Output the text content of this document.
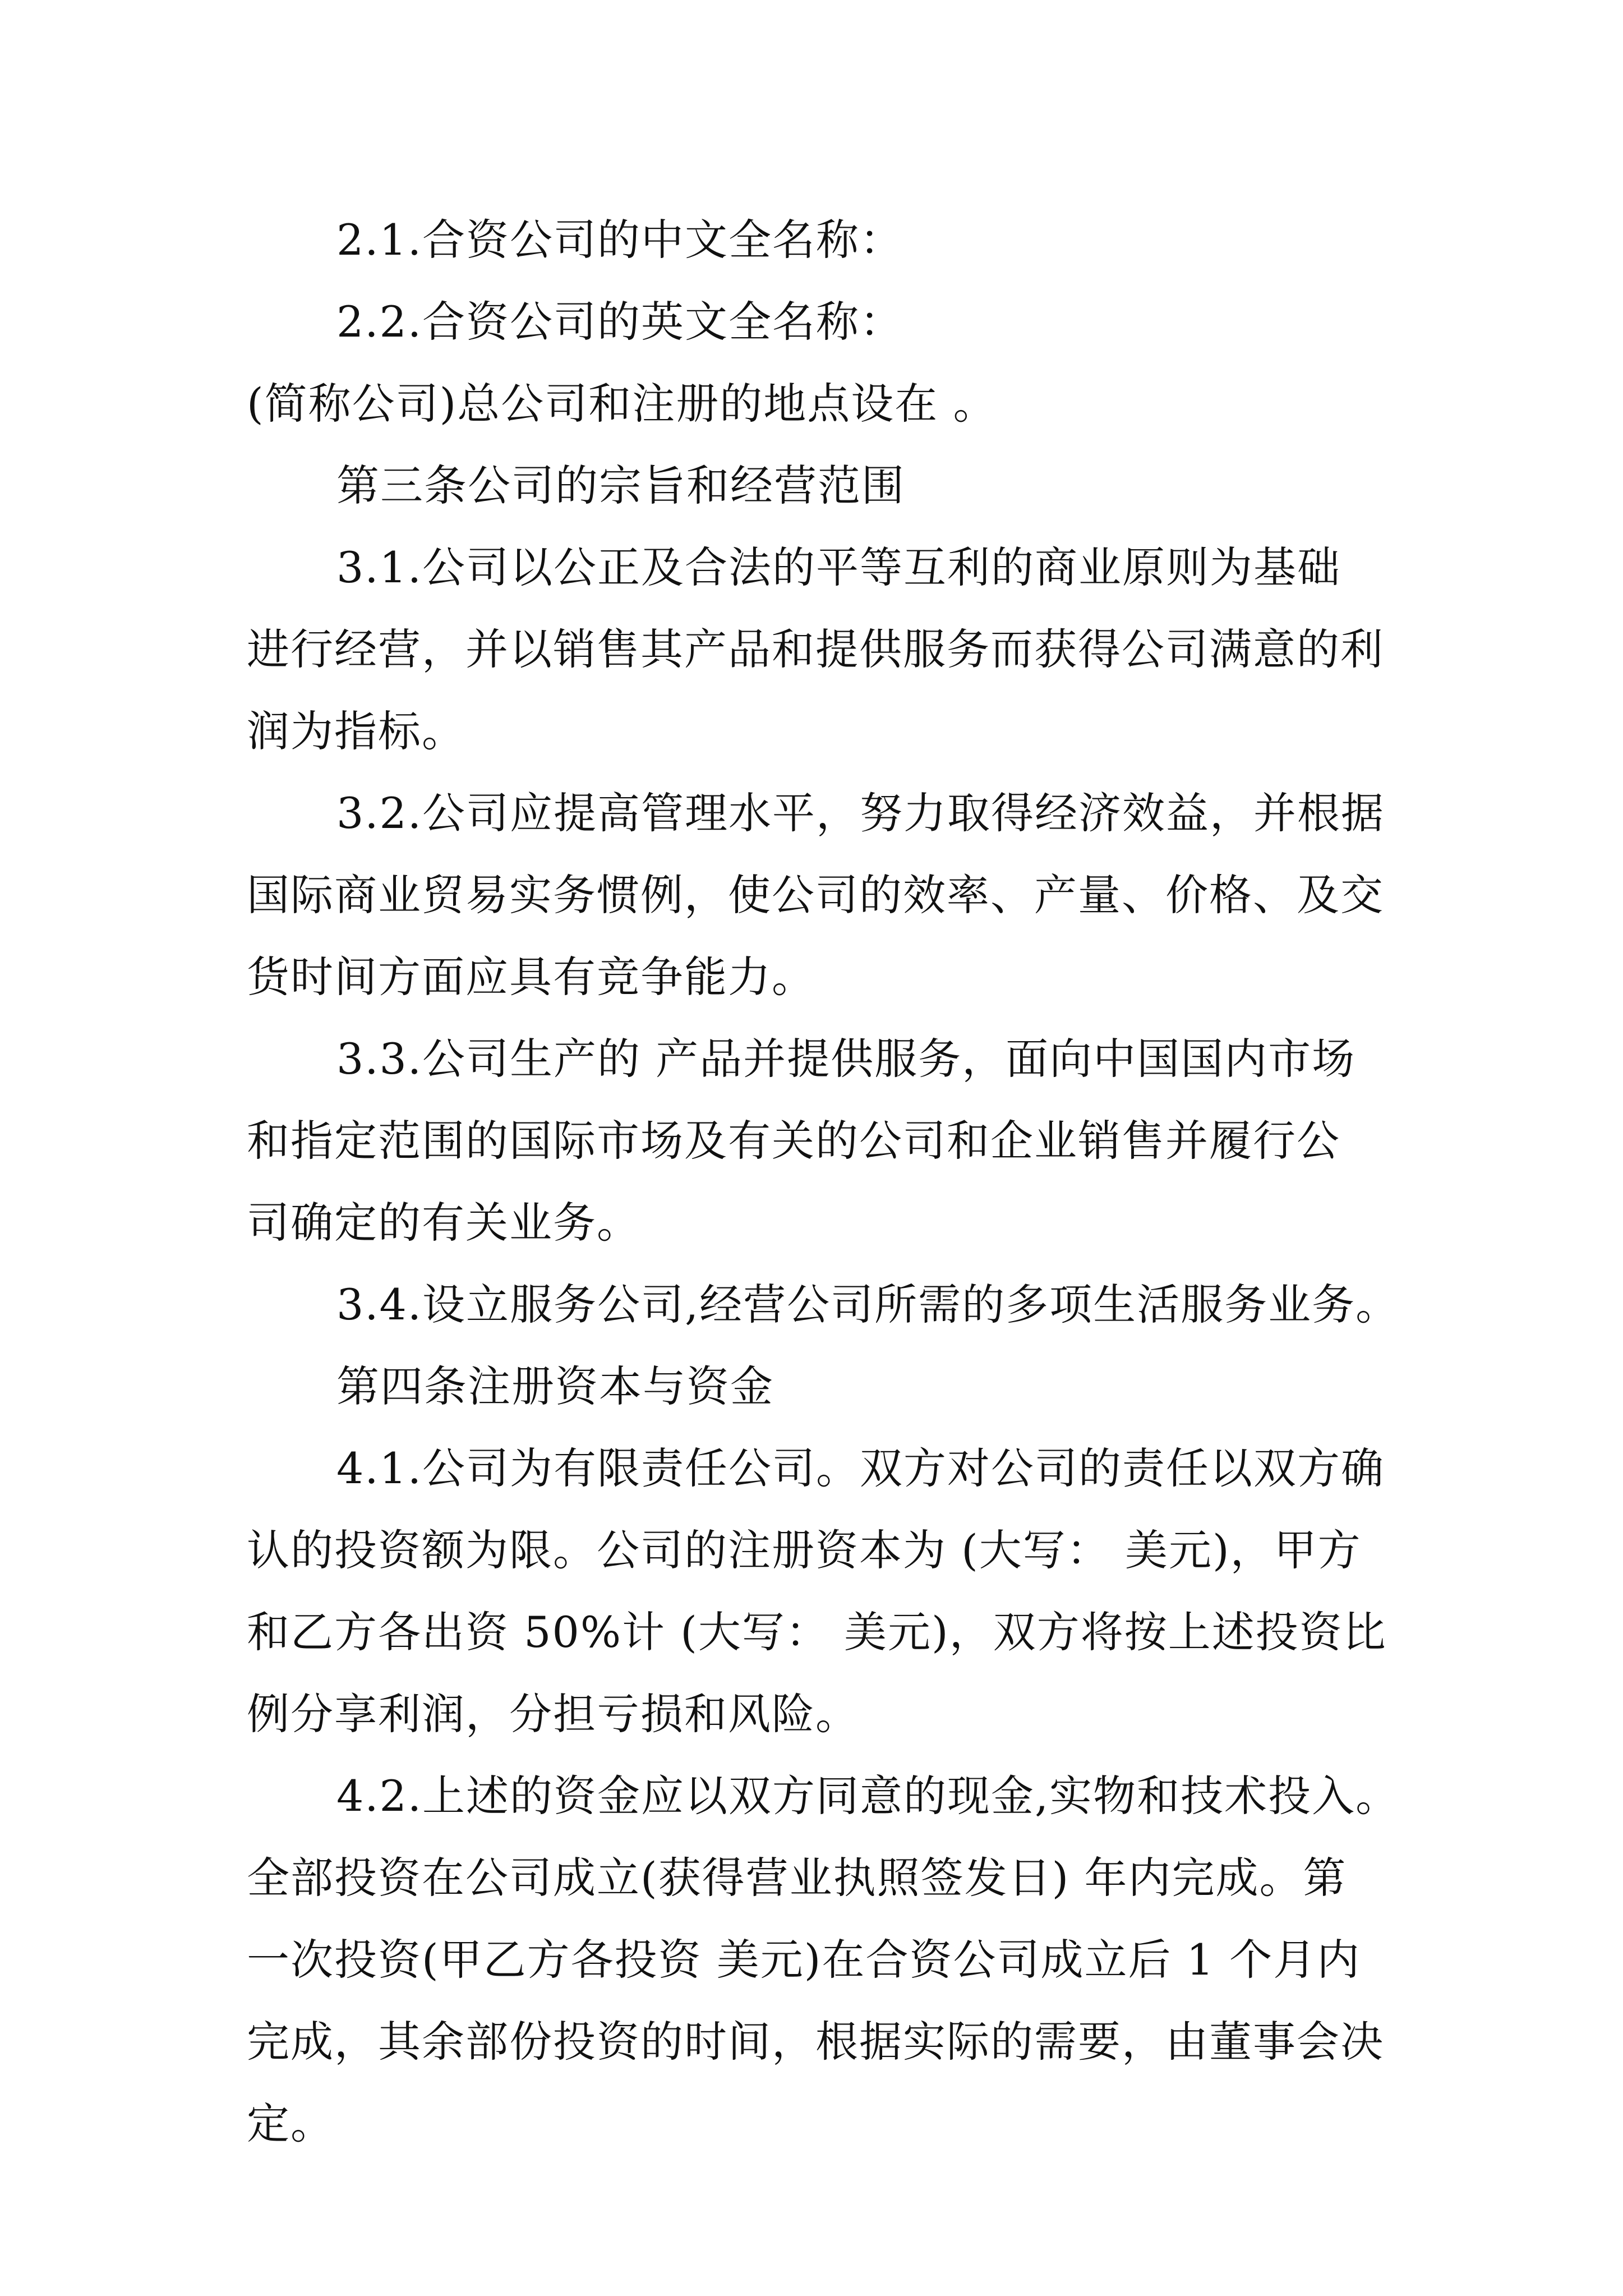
2.1.合资公司的中文全名称：
2.2.合资公司的英文全名称：
(简称公司)总公司和注册的地点设在 。
第三条公司的宗旨和经营范围
3.1.公司以公正及合法的平等互利的商业原则为基础
进行经营，并以销售其产品和提供服务而获得公司满意的利
润为指标。
3.2.公司应提高管理水平，努力取得经济效益，并根据
国际商业贸易实务惯例，使公司的效率、产量、价格、及交
货时间方面应具有竞争能力。
3.3.公司生产的 产品并提供服务，面向中国国内市场
和指定范围的国际市场及有关的公司和企业销售并履行公
司确定的有关业务。
3.4.设立服务公司,经营公司所需的多项生活服务业务。
第四条注册资本与资金
4.1.公司为有限责任公司。双方对公司的责任以双方确
认的投资额为限。公司的注册资本为 (大写： 美元)，甲方
和乙方各出资 50%计 (大写： 美元)，双方将按上述投资比
例分享利润，分担亏损和风险。
4.2.上述的资金应以双方同意的现金,实物和技术投入。
全部投资在公司成立(获得营业执照签发日) 年内完成。第
一次投资(甲乙方各投资 美元)在合资公司成立后 1 个月内
完成，其余部份投资的时间，根据实际的需要，由董事会决
定。
